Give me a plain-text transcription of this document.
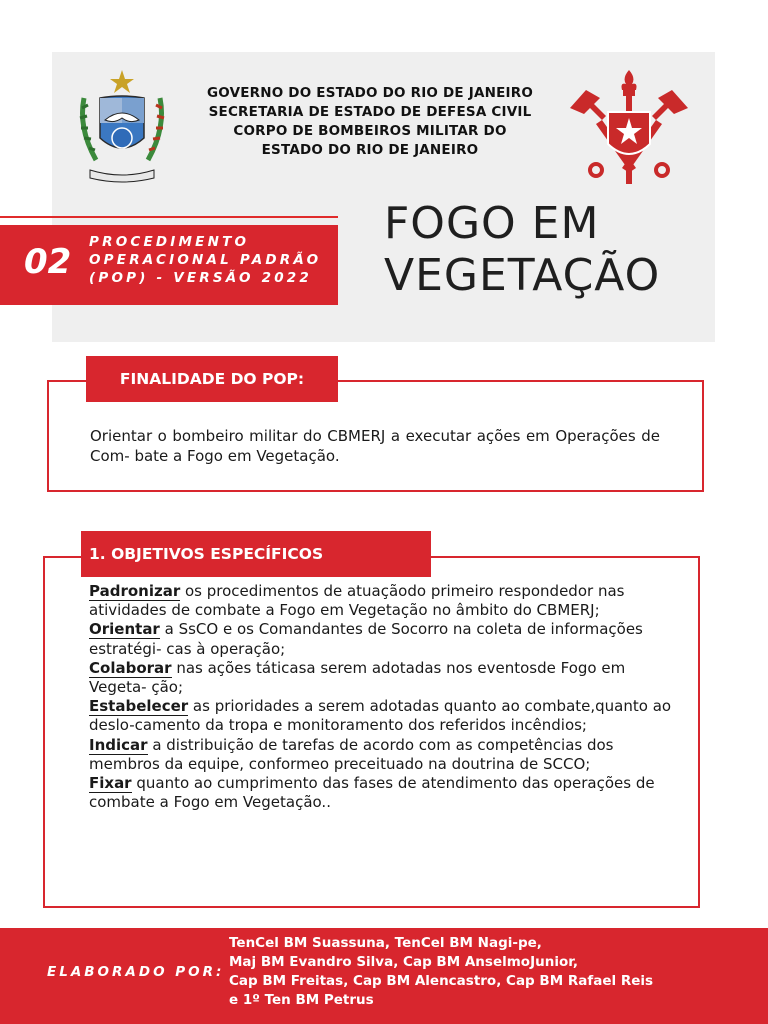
GOVERNO DO ESTADO DO RIO DE JANEIRO
SECRETARIA DE ESTADO DE DEFESA CIVIL
CORPO DE BOMBEIROS MILITAR DO
ESTADO DO RIO DE JANEIRO
02 PROCEDIMENTO
OPERACIONAL PADRÃO
(POP) - VERSÃO 2022
FOGO EM
VEGETAÇÃO
FINALIDADE DO POP:
Orientar o bombeiro militar do CBMERJ a executar ações em Operações de Com- bate a Fogo em Vegetação.
1. OBJETIVOS ESPECÍFICOS
Padronizar os procedimentos de atuaçãodo primeiro respondedor nas atividades de combate a Fogo em Vegetação no âmbito do CBMERJ;
Orientar a SsCO e os Comandantes de Socorro na coleta de informações estratégi- cas à operação;
Colaborar nas ações táticasa serem adotadas nos eventosde Fogo em Vegeta- ção;
Estabelecer as prioridades a serem adotadas quanto ao combate,quanto ao deslo-camento da tropa e monitoramento dos referidos incêndios;
Indicar a distribuição de tarefas de acordo com as competências dos membros da equipe, conformeo preceituado na doutrina de SCCO;
Fixar quanto ao cumprimento das fases de atendimento das operações de combate a Fogo em Vegetação..
ELABORADO POR:
TenCel BM Suassuna, TenCel BM Nagi-pe,
Maj BM Evandro Silva, Cap BM AnselmoJunior,
Cap BM Freitas, Cap BM Alencastro, Cap BM Rafael Reis
e 1º Ten BM Petrus
